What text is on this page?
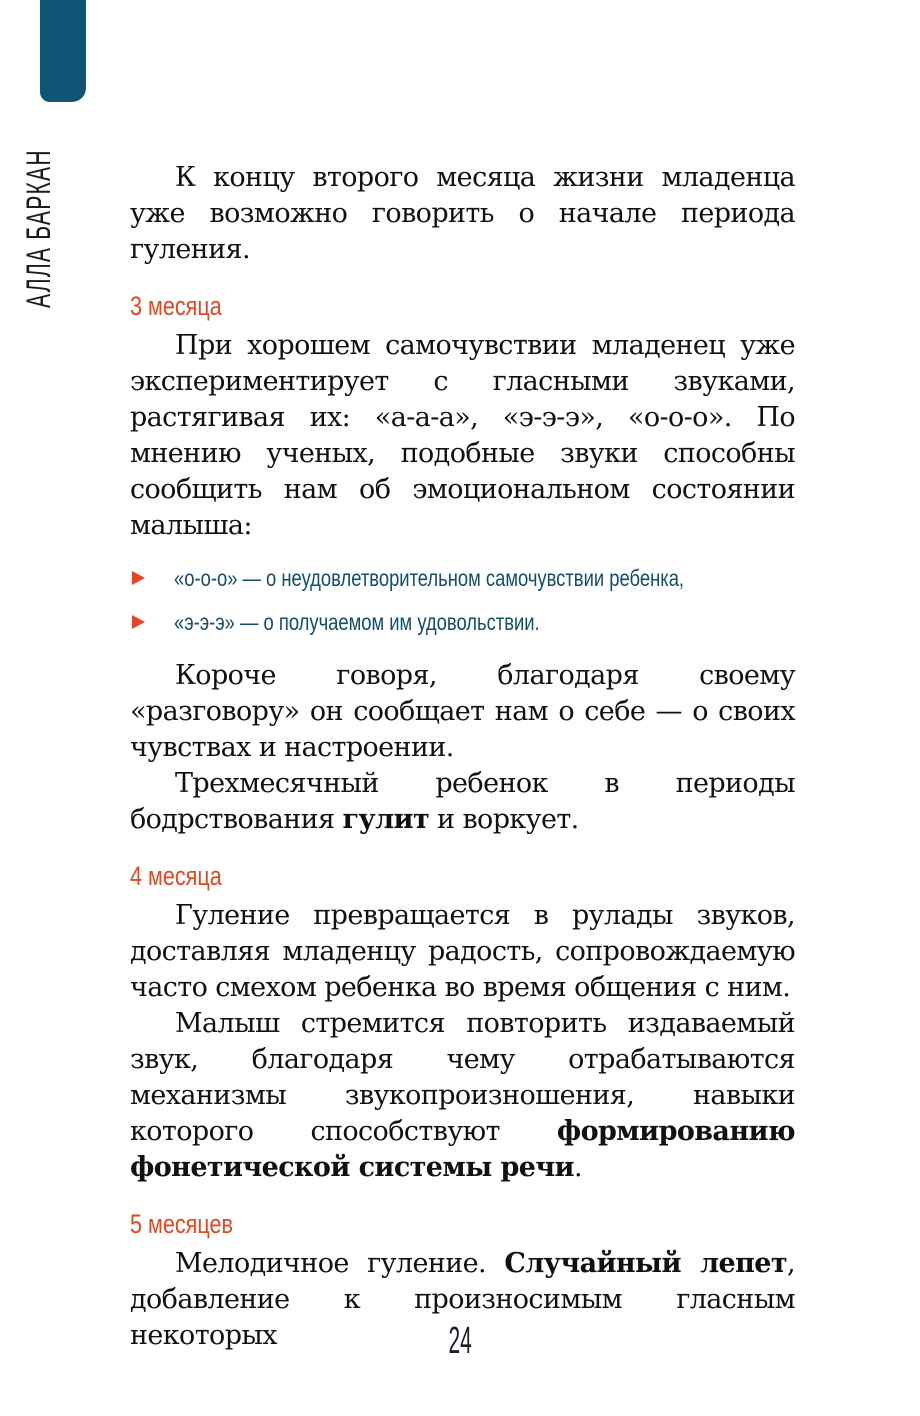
АЛЛА БАРКАН	К концу второго месяца жизни младенца уже возможно говорить о начале периода гуления.

3 месяца

При хорошем самочувствии младенец уже экспериментирует с гласными звуками, растягивая их: «а-а-а», «э-э-э», «о-о-о». По мнению ученых, подобные звуки способны сообщить нам об эмоциональном состоянии малыша:

«о-о-о» — о неудовлетворительном самочувствии ребенка,
«э-э-э» — о получаемом им удовольствии.

Короче говоря, благодаря своему «разговору» он сообщает нам о себе — о своих чувствах и настроении.

Трехмесячный ребенок в периоды бодрствования гулит и воркует.

4 месяца

Гуление превращается в рулады звуков, доставляя младенцу радость, сопровождаемую часто смехом ребенка во время общения с ним.

Малыш стремится повторить издаваемый звук, благодаря чему отрабатываются механизмы звукопроизношения, навыки которого способствуют формированию фонетической системы речи.

5 месяцев

Мелодичное гуление. Случайный лепет, добавление к произносимым гласным некоторых	24
